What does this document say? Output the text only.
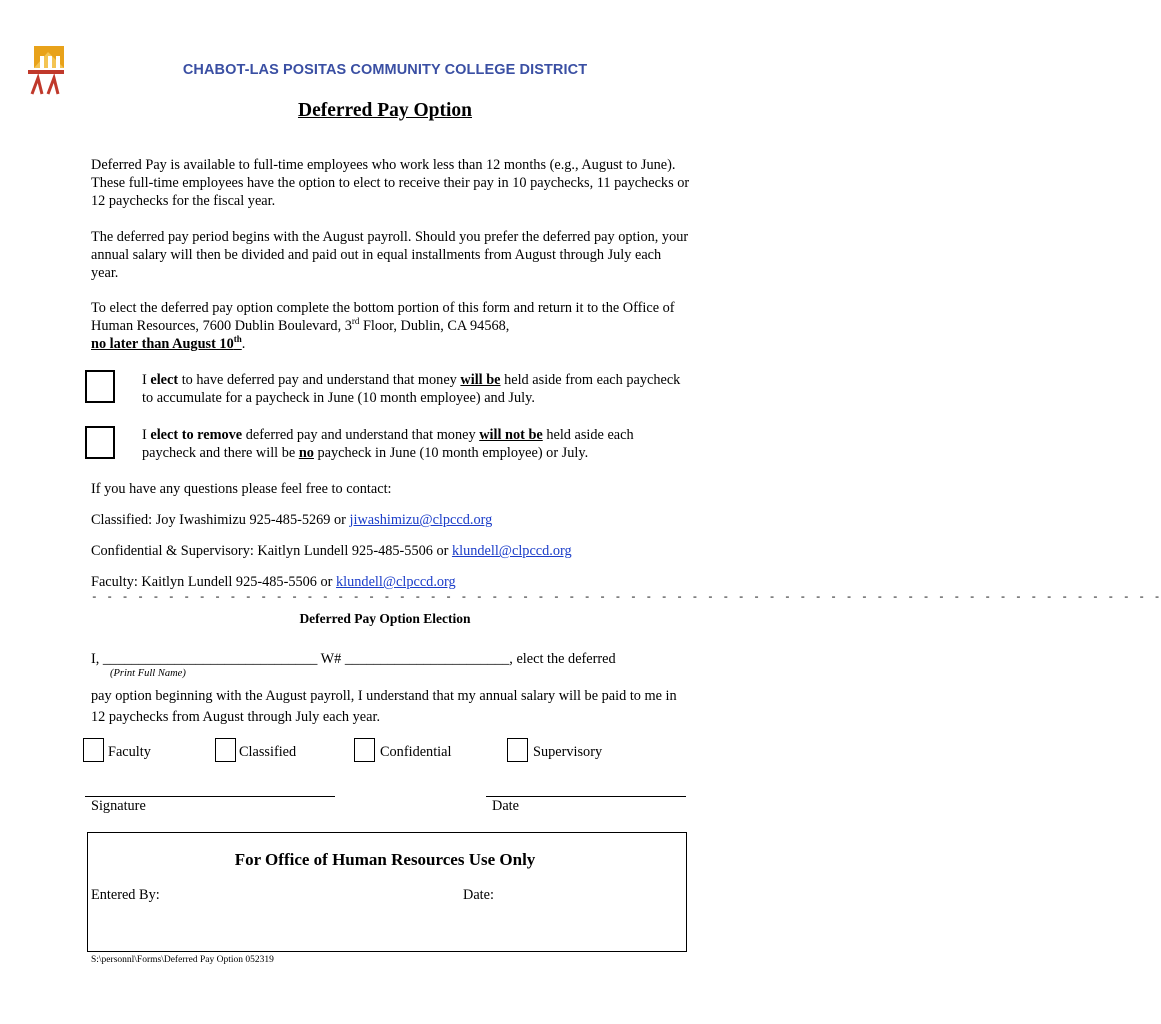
CHABOT-LAS POSITAS COMMUNITY COLLEGE DISTRICT
Deferred Pay Option
Deferred Pay is available to full-time employees who work less than 12 months (e.g., August to June). These full-time employees have the option to elect to receive their pay in 10 paychecks, 11 paychecks or 12 paychecks for the fiscal year.
The deferred pay period begins with the August payroll. Should you prefer the deferred pay option, your annual salary will then be divided and paid out in equal installments from August through July each year.
To elect the deferred pay option complete the bottom portion of this form and return it to the Office of Human Resources, 7600 Dublin Boulevard, 3rd Floor, Dublin, CA 94568,
no later than August 10th.
I elect to have deferred pay and understand that money will be held aside from each paycheck to accumulate for a paycheck in June (10 month employee) and July.
I elect to remove deferred pay and understand that money will not be held aside each paycheck and there will be no paycheck in June (10 month employee) or July.
If you have any questions please feel free to contact:
Classified: Joy Iwashimizu 925-485-5269 or jiwashimizu@clpccd.org
Confidential & Supervisory: Kaitlyn Lundell 925-485-5506 or klundell@clpccd.org
Faculty: Kaitlyn Lundell 925-485-5506 or klundell@clpccd.org
- - - - - - - - - - - - - - - - - - - - - - - - - - - - - - - - - - - - - - - - - - - - - - - - - - - - - - - - - - - - - - - - - - - - - -
Deferred Pay Option Election
I, ______________________________ W# _______________________, elect the deferred
(Print Full Name)
pay option beginning with the August payroll, I understand that my annual salary will be paid to me in 12 paychecks from August through July each year.
Faculty	Classified	Confidential	Supervisory
Signature	Date
For Office of Human Resources Use Only
Entered By:	Date:
S:\personnl\Forms\Deferred Pay Option 052319
